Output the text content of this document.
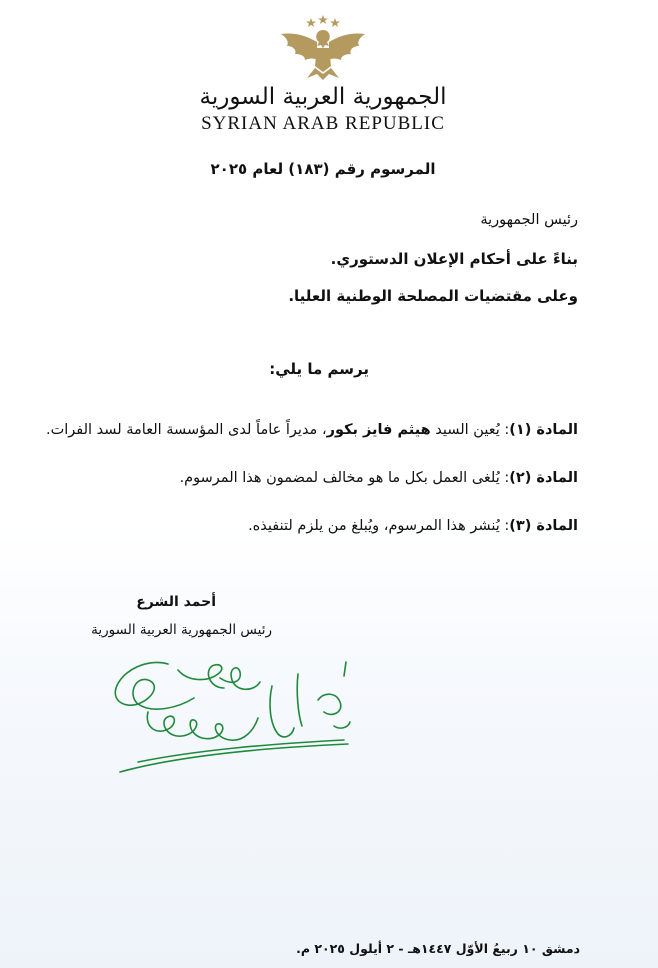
الجمهورية العربية السورية
SYRIAN ARAB REPUBLIC
المرسوم رقم (١٨٣) لعام ٢٠٢٥
رئيس الجمهورية
بناءً على أحكام الإعلان الدستوري.
وعلى مقتضيات المصلحة الوطنية العليا.
يرسم ما يلي:
المادة (١): يُعين السيد هيثم فايز بكور، مديراً عاماً لدى المؤسسة العامة لسد الفرات.
المادة (٢): يُلغى العمل بكل ما هو مخالف لمضمون هذا المرسوم.
المادة (٣): يُنشر هذا المرسوم، ويُبلغ من يلزم لتنفيذه.
أحمد الشرع
رئيس الجمهورية العربية السورية
دمشق ١٠ ربيعُ الأوّل ١٤٤٧هـ - ٢ أيلول ٢٠٢٥ م.
